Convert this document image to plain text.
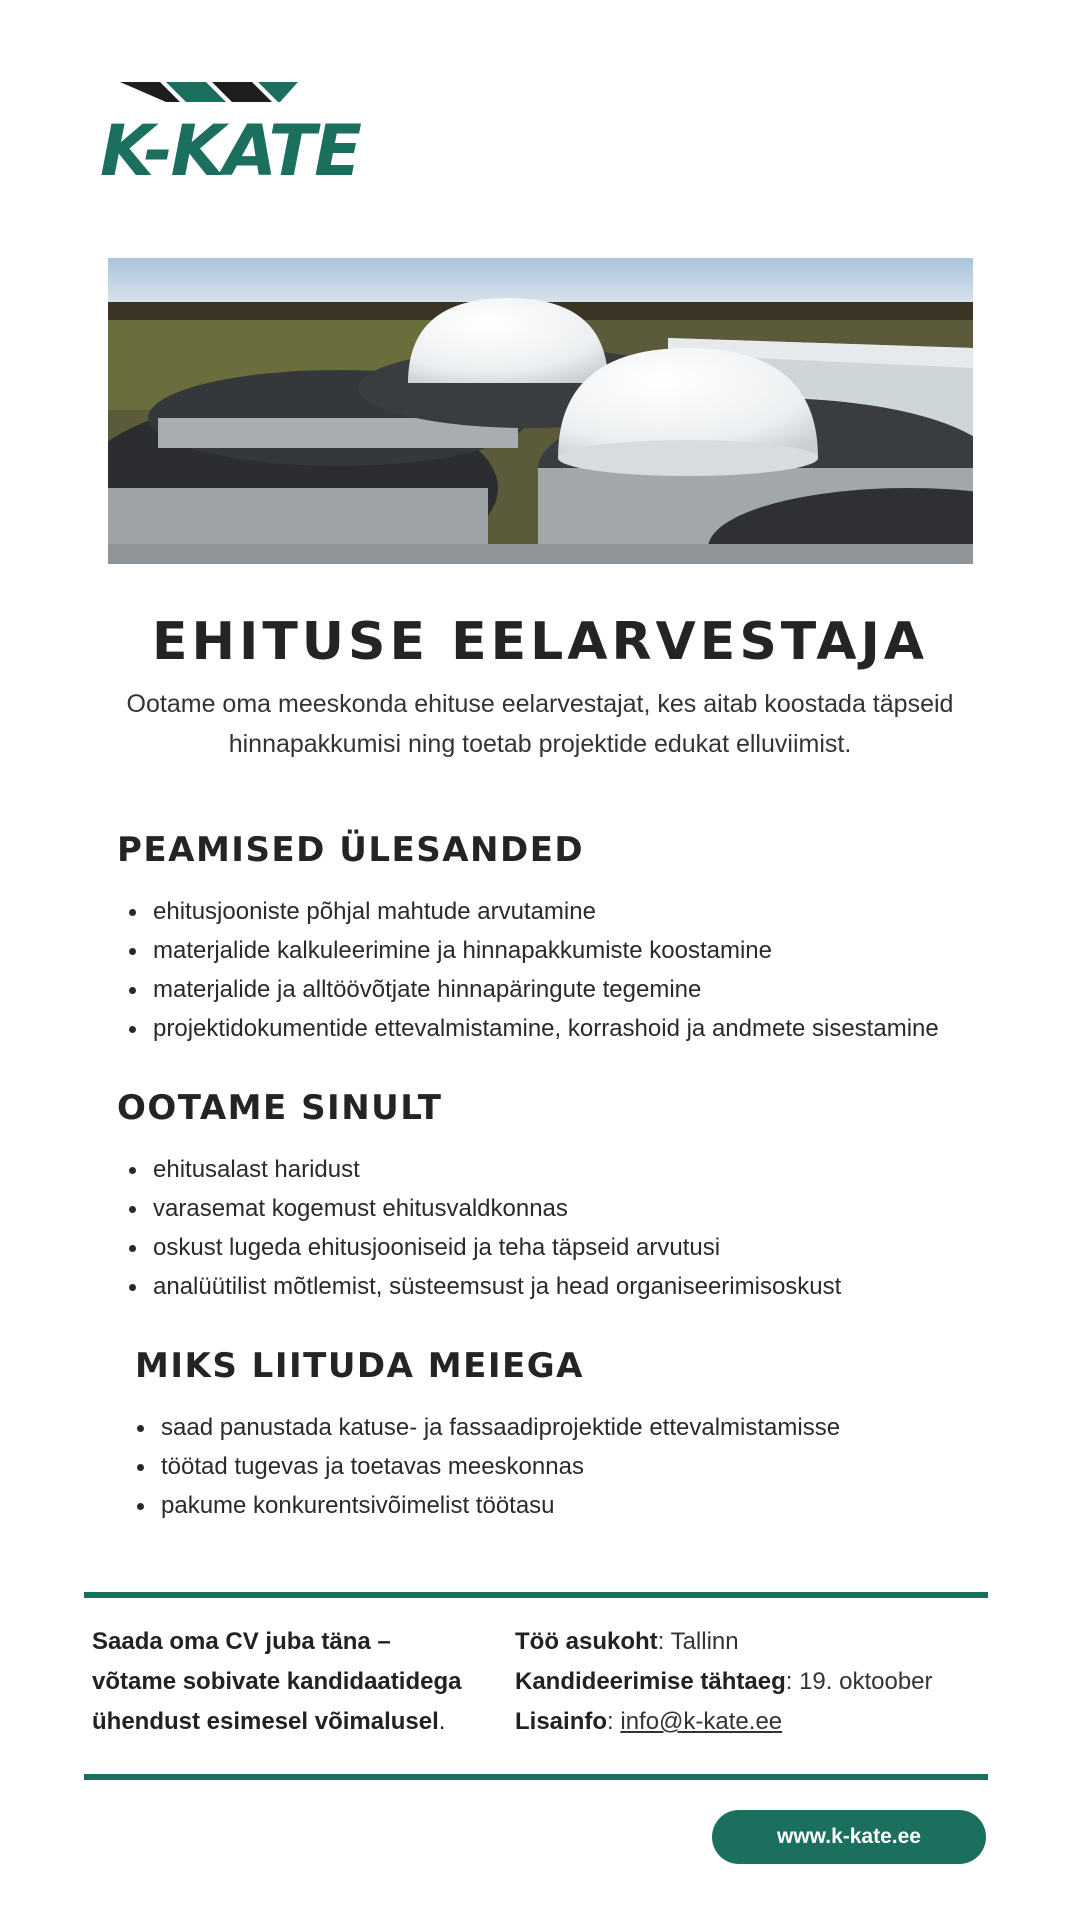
K-KATE
EHITUSE EELARVESTAJA
Ootame oma meeskonda ehituse eelarvestajat, kes aitab koostada täpseid hinnapakkumisi ning toetab projektide edukat elluviimist.
PEAMISED ÜLESANDED
ehitusjooniste põhjal mahtude arvutamine
materjalide kalkuleerimine ja hinnapakkumiste koostamine
materjalide ja alltöövõtjate hinnapäringute tegemine
projektidokumentide ettevalmistamine, korrashoid ja andmete sisestamine
OOTAME SINULT
ehitusalast haridust
varasemat kogemust ehitusvaldkonnas
oskust lugeda ehitusjooniseid ja teha täpseid arvutusi
analüütilist mõtlemist, süsteemsust ja head organiseerimisoskust
MIKS LIITUDA MEIEGA
saad panustada katuse- ja fassaadiprojektide ettevalmistamisse
töötad tugevas ja toetavas meeskonnas
pakume konkurentsivõimelist töötasu
Saada oma CV juba täna –
võtame sobivate kandidaatidega
ühendust esimesel võimalusel.
Töö asukoht: Tallinn
Kandideerimise tähtaeg: 19. oktoober
Lisainfo: info@k-kate.ee
www.k-kate.ee
